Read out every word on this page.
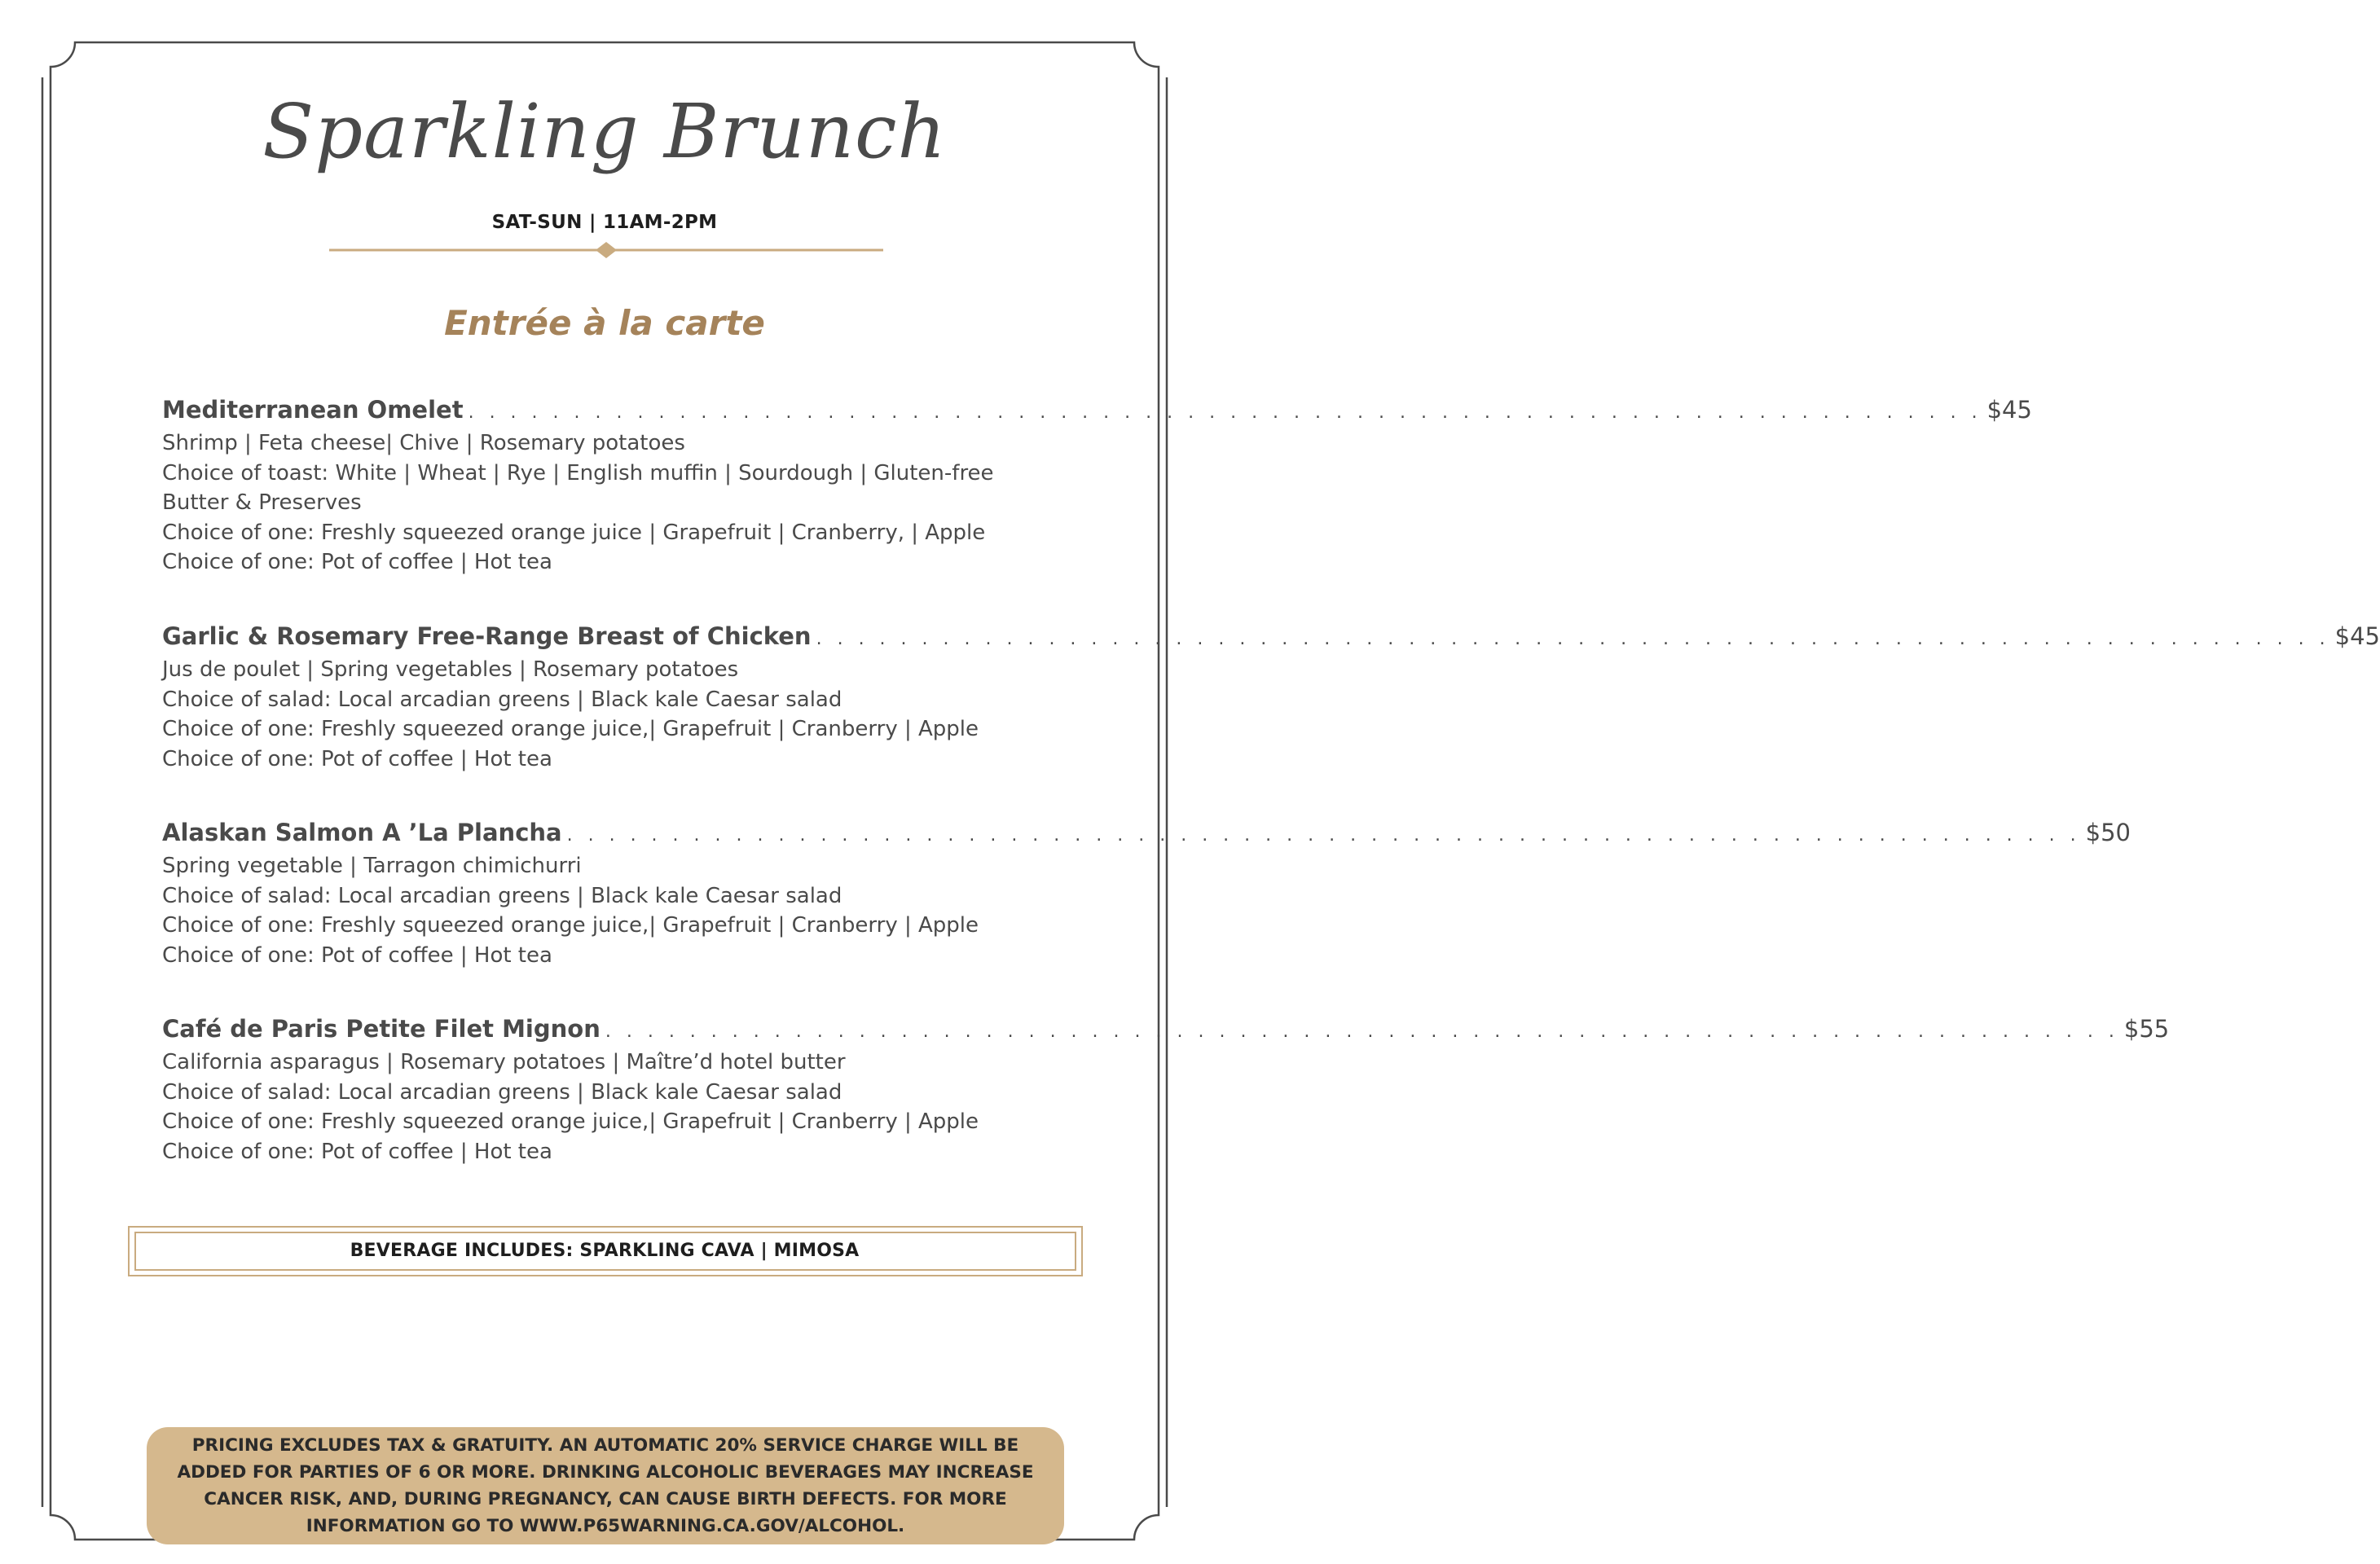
Sparkling Brunch
SAT-SUN | 11AM-2PM
Entrée à la carte
Mediterranean Omelet . . . . . . . . . . . . . . . . . . . . . . . . . . . . . . . . . . . . . . . . . . . . . . . . . . . . . . . . . . . . . . . . . . . . . . . . $45
Shrimp | Feta cheese| Chive | Rosemary potatoes
Choice of toast: White | Wheat | Rye | English muffin | Sourdough | Gluten-free
Butter & Preserves
Choice of one: Freshly squeezed orange juice | Grapefruit | Cranberry, | Apple
Choice of one: Pot of coffee | Hot tea
Garlic & Rosemary Free-Range Breast of Chicken . . . . . . . . . . . . . . . . . . . . . . . . . . . . . . . . . . . . . . . . . . . . . . . . . . . . . . . . . . . . . . . . . . . . . . . . $45
Jus de poulet | Spring vegetables | Rosemary potatoes
Choice of salad: Local arcadian greens | Black kale Caesar salad
Choice of one: Freshly squeezed orange juice,| Grapefruit | Cranberry | Apple
Choice of one: Pot of coffee | Hot tea
Alaskan Salmon A ’La Plancha . . . . . . . . . . . . . . . . . . . . . . . . . . . . . . . . . . . . . . . . . . . . . . . . . . . . . . . . . . . . . . . . . . . . . . . . $50
Spring vegetable | Tarragon chimichurri
Choice of salad: Local arcadian greens | Black kale Caesar salad
Choice of one: Freshly squeezed orange juice,| Grapefruit | Cranberry | Apple
Choice of one: Pot of coffee | Hot tea
Café de Paris Petite Filet Mignon . . . . . . . . . . . . . . . . . . . . . . . . . . . . . . . . . . . . . . . . . . . . . . . . . . . . . . . . . . . . . . . . . . . . . . . . $55
California asparagus | Rosemary potatoes | Maître’d hotel butter
Choice of salad: Local arcadian greens | Black kale Caesar salad
Choice of one: Freshly squeezed orange juice,| Grapefruit | Cranberry | Apple
Choice of one: Pot of coffee | Hot tea
BEVERAGE INCLUDES: SPARKLING CAVA | MIMOSA
PRICING EXCLUDES TAX & GRATUITY. AN AUTOMATIC 20% SERVICE CHARGE WILL BE ADDED FOR PARTIES OF 6 OR MORE. DRINKING ALCOHOLIC BEVERAGES MAY INCREASE CANCER RISK, AND, DURING PREGNANCY, CAN CAUSE BIRTH DEFECTS. FOR MORE INFORMATION GO TO WWW.P65WARNING.CA.GOV/ALCOHOL.
